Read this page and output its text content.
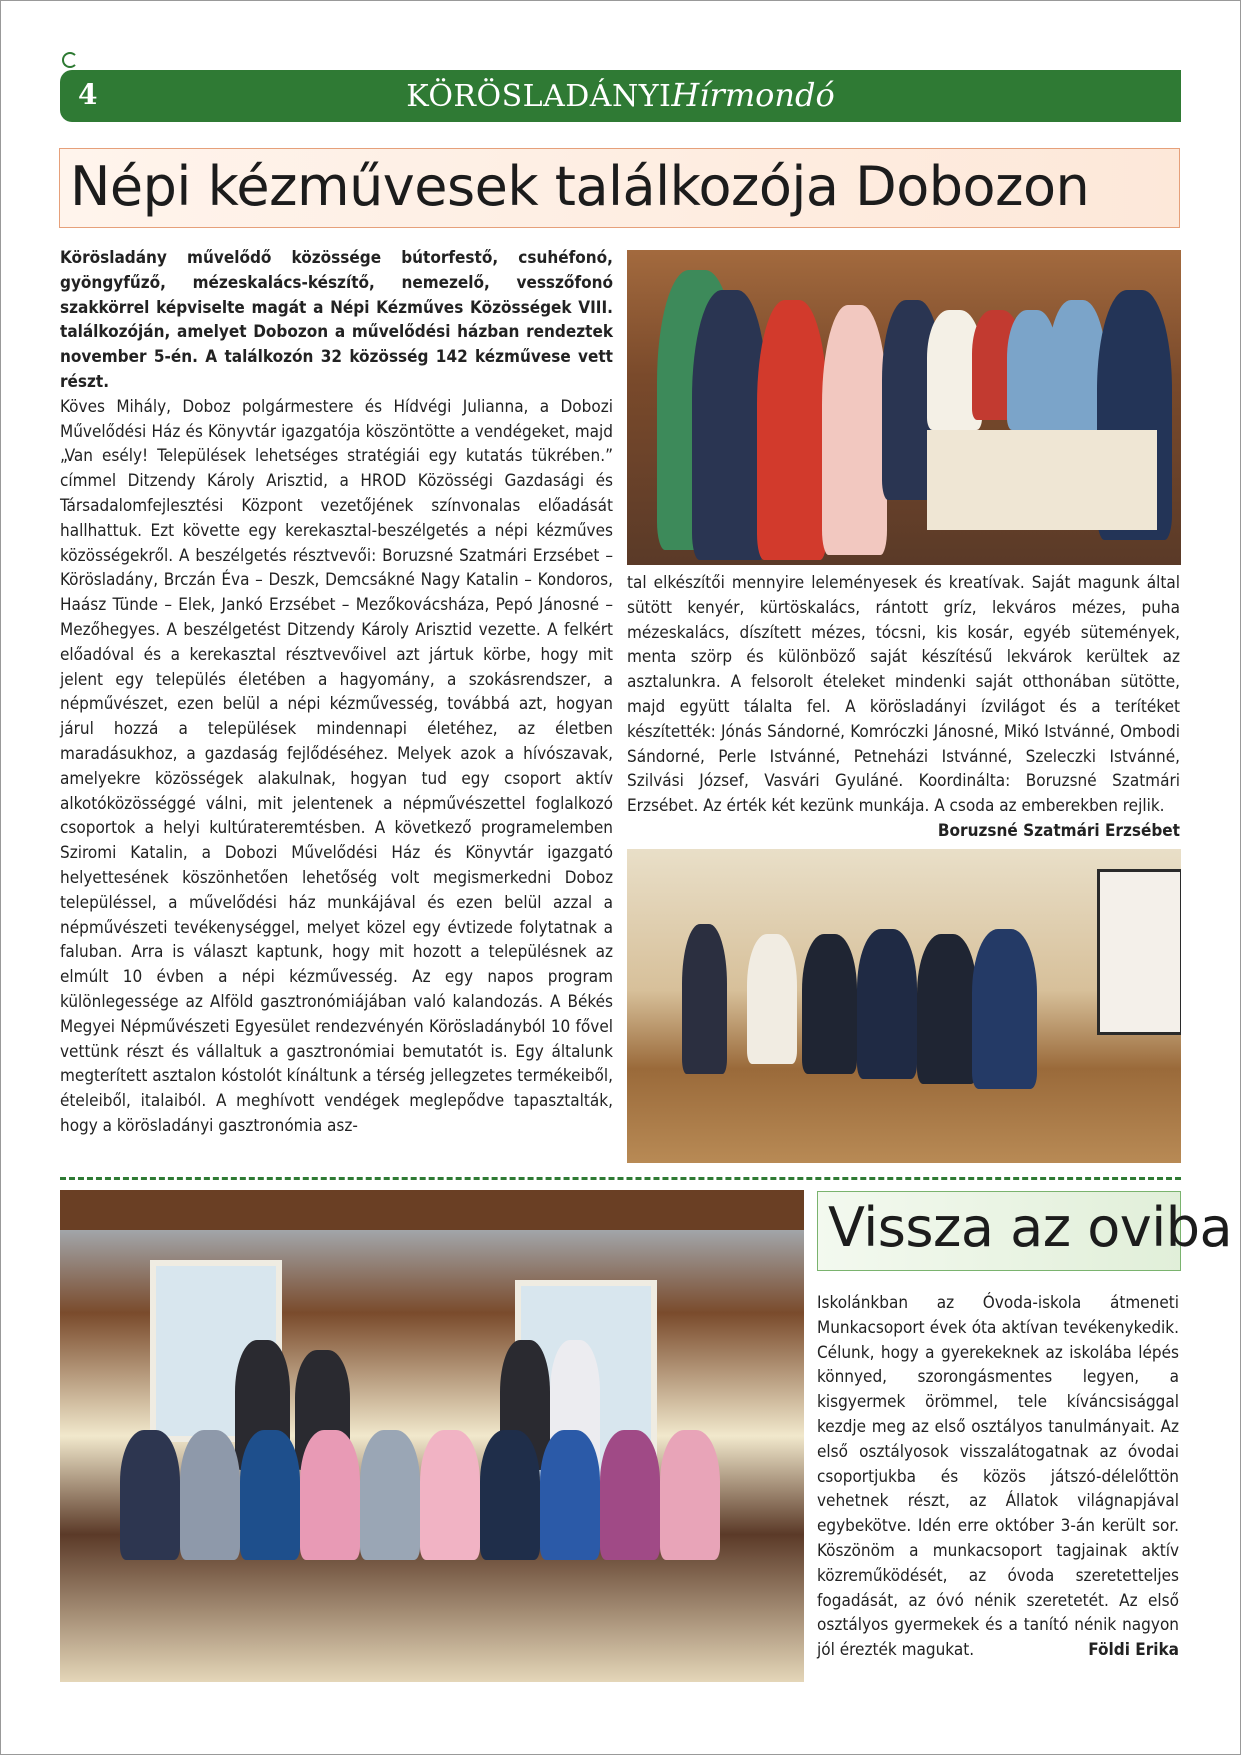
4	KÖRÖSLADÁNYIHírmondó
Népi kézművesek találkozója Dobozon

Körösladány művelődő közössége bútorfestő, csuhéfonó, gyöngyfűző, mézeskalács-készítő, nemezelő, vesszőfonó szakkörrel képviselte magát a Népi Kézműves Közösségek VIII. találkozóján, amelyet Dobozon a művelődési házban rendeztek november 5-én. A találkozón 32 közösség 142 kézművese vett részt.

Köves Mihály, Doboz polgármestere és Hídvégi Julianna, a Dobozi Művelődési Ház és Könyvtár igazgatója köszöntötte a vendégeket, majd „Van esély! Települések lehetséges stratégiái egy kutatás tükrében.” címmel Ditzendy Károly Arisztid, a HROD Közösségi Gazdasági és Társadalomfejlesztési Központ vezetőjének színvonalas előadását hallhattuk. Ezt követte egy kerekasztal-beszélgetés a népi kézműves közösségekről. A beszélgetés résztvevői: Boruzsné Szatmári Erzsébet – Körösladány, Brczán Éva – Deszk, Demcsákné Nagy Katalin – Kondoros, Haász Tünde – Elek, Jankó Erzsébet – Mezőkovácsháza, Pepó Jánosné – Mezőhegyes. A beszélgetést Ditzendy Károly Arisztid vezette. A felkért előadóval és a kerekasztal résztvevőivel azt jártuk körbe, hogy mit jelent egy település életében a hagyomány, a szokásrendszer, a népművészet, ezen belül a népi kézművesség, továbbá azt, hogyan járul hozzá a települések mindennapi életéhez, az életben maradásukhoz, a gazdaság fejlődéséhez. Melyek azok a hívószavak, amelyekre közösségek alakulnak, hogyan tud egy csoport aktív alkotóközösséggé válni, mit jelentenek a népművészettel foglalkozó csoportok a helyi kultúrateremtésben. A következő programelemben Sziromi Katalin, a Dobozi Művelődési Ház és Könyvtár igazgató helyettesének köszönhetően lehetőség volt megismerkedni Doboz településsel, a művelődési ház munkájával és ezen belül azzal a népművészeti tevékenységgel, melyet közel egy évtizede folytatnak a faluban. Arra is választ kaptunk, hogy mit hozott a településnek az elmúlt 10 évben a népi kézművesség. Az egy napos program különlegessége az Alföld gasztronómiájában való kalandozás. A Békés Megyei Népművészeti Egyesület rendezvényén Körösladányból 10 fővel vettünk részt és vállaltuk a gasztronómiai bemutatót is. Egy általunk megterített asztalon kóstolót kínáltunk a térség jellegzetes termékeiből, ételeiből, italaiból. A meghívott vendégek meglepődve tapasztalták, hogy a körösladányi gasztronómia asz-

tal elkészítői mennyire leleményesek és kreatívak. Saját magunk által sütött kenyér, kürtöskalács, rántott gríz, lekváros mézes, puha mézeskalács, díszített mézes, tócsni, kis kosár, egyéb sütemények, menta szörp és különböző saját készítésű lekvárok kerültek az asztalunkra. A felsorolt ételeket mindenki saját otthonában sütötte, majd együtt tálalta fel. A körösladányi ízvilágot és a terítéket készítették: Jónás Sándorné, Komróczki Jánosné, Mikó Istvánné, Ombodi Sándorné, Perle Istvánné, Petneházi Istvánné, Szeleczki Istvánné, Szilvási József, Vasvári Gyuláné. Koordinálta: Boruzsné Szatmári Erzsébet. Az érték két kezünk munkája. A csoda az emberekben rejlik.
Boruzsné Szatmári Erzsébet

Vissza az oviba

Iskolánkban az Óvoda-iskola átmeneti Munkacsoport évek óta aktívan tevékenykedik. Célunk, hogy a gyerekeknek az iskolába lépés könnyed, szorongásmentes legyen, a kisgyermek örömmel, tele kíváncsisággal kezdje meg az első osztályos tanulmányait. Az első osztályosok visszalátogatnak az óvodai csoportjukba és közös játszó-délelőttön vehetnek részt, az Állatok világnapjával egybekötve. Idén erre október 3-án került sor. Köszönöm a munkacsoport tagjainak aktív közreműködését, az óvoda szeretetteljes fogadását, az óvó nénik szeretetét. Az első osztályos gyermekek és a tanító nénik nagyon jól érezték magukat.	Földi Erika
